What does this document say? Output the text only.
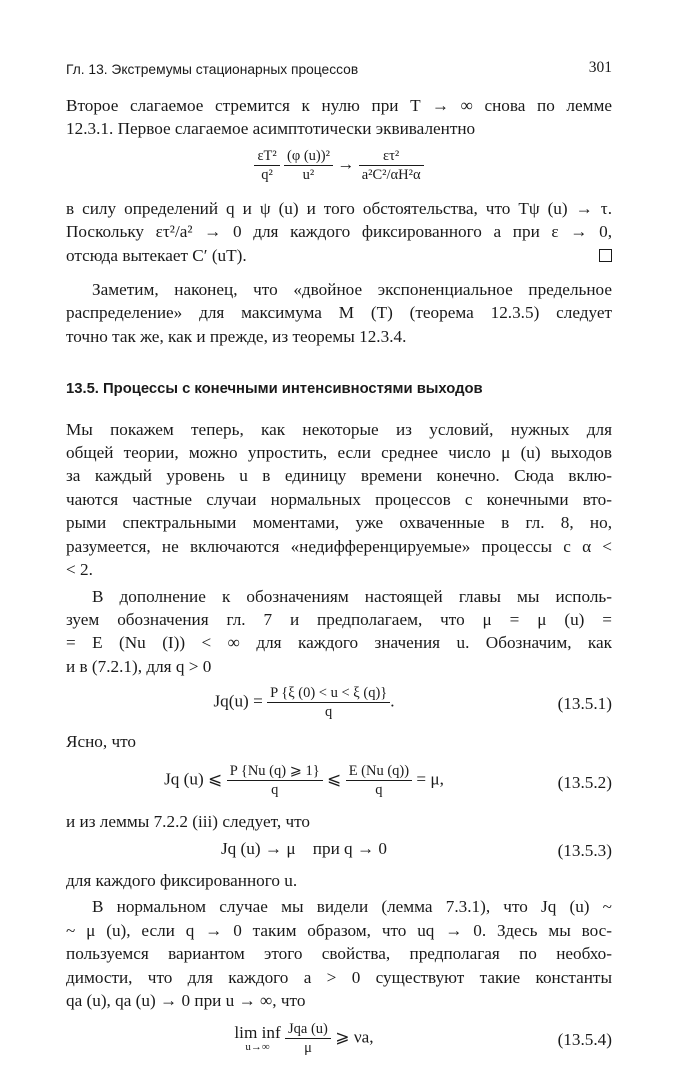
Гл. 13. Экстремумы стационарных процессов	301

Второе слагаемое стремится к нулю при T → ∞ снова по лемме
12.3.1. Первое слагаемое асимптотически эквивалентно

$\frac{\text{εT²}}{\text{q²}}$
$\frac{\text{(φ (u))²}}{\text{u²}} \to \frac{\text{ετ²}}{\text{a²C²/αH²α}}$

в силу определений q и ψ (u) и того обстоятельства, что Tψ (u) → τ.
Поскольку ετ²/a² → 0 для каждого фиксированного a при ε → 0,
отсюда вытекает C′ (uT).

Заметим, наконец, что «двойное экспоненциальное предельное

распределение» для максимума M (T) (теорема 12.3.5) следует
точно так же, как и прежде, из теоремы 12.3.4.

13.5. Процессы с конечными интенсивностями выходов

Мы покажем теперь, как некоторые из условий, нужных для
общей теории, можно упростить, если среднее число μ (u) выходов
за каждый уровень u в единицу времени конечно. Сюда вклю-
чаются частные случаи нормальных процессов с конечными вто-
рыми спектральными моментами, уже охваченные в гл. 8, но,
разумеется, не включаются «недифференцируемые» процессы с α <
< 2.

В дополнение к обозначениям настоящей главы мы исполь-

зуем обозначения гл. 7 и предполагаем, что μ = μ (u) =
= E (Nu (I)) < ∞ для каждого значения u. Обозначим, как
и в (7.2.1), для q > 0

$Jq(u) = \frac{P \{\xi (0) < u < \xi (q)\}}{q}$ .	(13.5.1)

Ясно, что

Jq (u) ⩽ $\frac{P \{Nu (q) ⩾ 1\}}{q}$ ⩽ $\frac{E (Nu (q))}{q} = \mu$,	(13.5.2)

и из леммы 7.2.2 (iii) следует, что

Jq (u) → μ    при q → 0	(13.5.3)

для каждого фиксированного u.

В нормальном случае мы видели (лемма 7.3.1), что Jq (u) ~

~ μ (u), если q → 0 таким образом, что uq → 0. Здесь мы вос-
пользуемся вариантом этого свойства, предполагая по необхо-
димости, что для каждого a > 0 существуют такие константы
qa (u), qa (u) → 0 при u → ∞, что

lim inf
u→∞
	$\frac{\text{Jqa (u)}}{\mu}$ ⩾ νa,	(13.5.4)
